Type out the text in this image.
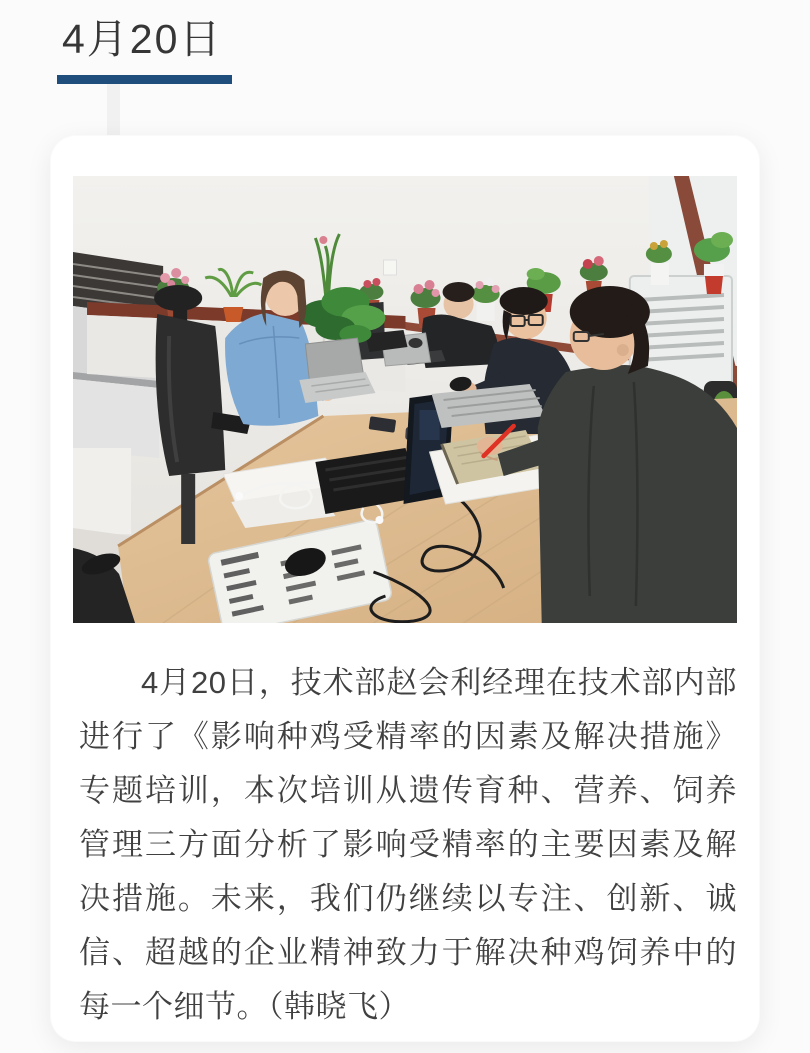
4月20日

4月20日，技术部赵会利经理在技术部内部进行了《影响种鸡受精率的因素及解决措施》专题培训，本次培训从遗传育种、营养、饲养管理三方面分析了影响受精率的主要因素及解决措施。未来，我们仍继续以专注、创新、诚信、超越的企业精神致力于解决种鸡饲养中的每一个细节。（韩晓飞）
